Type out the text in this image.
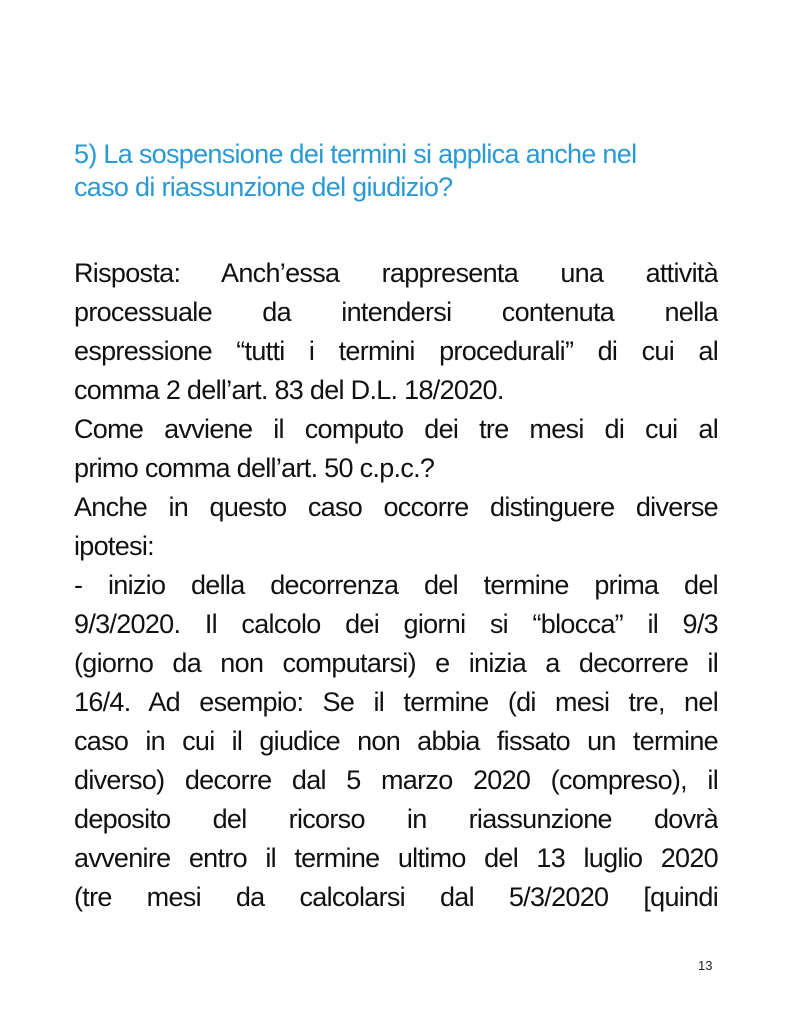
5) La sospensione dei termini si applica anche nel
caso di riassunzione del giudizio?
Risposta: Anch’essa rappresenta una attività
processuale da intendersi contenuta nella
espressione “tutti i termini procedurali” di cui al
comma 2 dell’art. 83 del D.L. 18/2020.
Come avviene il computo dei tre mesi di cui al
primo comma dell’art. 50 c.p.c.?
Anche in questo caso occorre distinguere diverse
ipotesi:
- inizio della decorrenza del termine prima del
9/3/2020. Il calcolo dei giorni si “blocca” il 9/3
(giorno da non computarsi) e inizia a decorrere il
16/4. Ad esempio: Se il termine (di mesi tre, nel
caso in cui il giudice non abbia fissato un termine
diverso) decorre dal 5 marzo 2020 (compreso), il
deposito del ricorso in riassunzione dovrà
avvenire entro il termine ultimo del 13 luglio 2020
(tre mesi da calcolarsi dal 5/3/2020 [quindi
13
